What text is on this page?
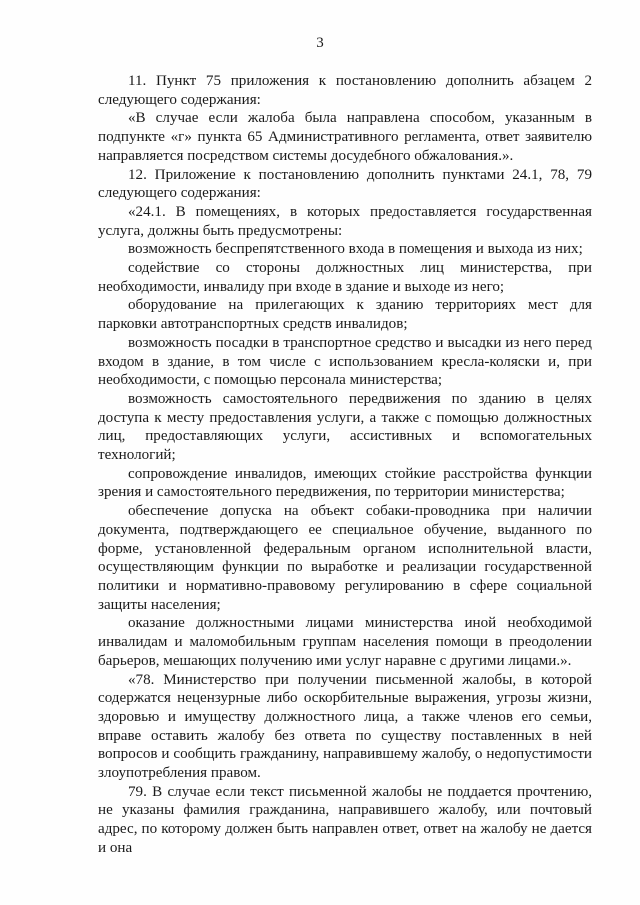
3

11. Пункт 75 приложения к постановлению дополнить абзацем 2 следующего содержания:

«В случае если жалоба была направлена способом, указанным в подпункте «г» пункта 65 Административного регламента, ответ заявителю направляется посредством системы досудебного обжалования.».

12. Приложение к постановлению дополнить пунктами 24.1, 78, 79 следующего содержания:

«24.1. В помещениях, в которых предоставляется государственная услуга, должны быть предусмотрены:

возможность беспрепятственного входа в помещения и выхода из них;

содействие со стороны должностных лиц министерства, при необходимости, инвалиду при входе в здание и выходе из него;

оборудование на прилегающих к зданию территориях мест для парковки автотранспортных средств инвалидов;

возможность посадки в транспортное средство и высадки из него перед входом в здание, в том числе с использованием кресла-коляски и, при необходимости, с помощью персонала министерства;

возможность самостоятельного передвижения по зданию в целях доступа к месту предоставления услуги, а также с помощью должностных лиц, предоставляющих услуги, ассистивных и вспомогательных технологий;

сопровождение инвалидов, имеющих стойкие расстройства функции зрения и самостоятельного передвижения, по территории министерства;

обеспечение допуска на объект собаки-проводника при наличии документа, подтверждающего ее специальное обучение, выданного по форме, установленной федеральным органом исполнительной власти, осуществляющим функции по выработке и реализации государственной политики и нормативно-правовому регулированию в сфере социальной защиты населения;

оказание должностными лицами министерства иной необходимой инвалидам и маломобильным группам населения помощи в преодолении барьеров, мешающих получению ими услуг наравне с другими лицами.».

«78. Министерство при получении письменной жалобы, в которой содержатся нецензурные либо оскорбительные выражения, угрозы жизни, здоровью и имуществу должностного лица, а также членов его семьи, вправе оставить жалобу без ответа по существу поставленных в ней вопросов и сообщить гражданину, направившему жалобу, о недопустимости злоупотребления правом.

79. В случае если текст письменной жалобы не поддается прочтению, не указаны фамилия гражданина, направившего жалобу, или почтовый адрес, по которому должен быть направлен ответ, ответ на жалобу не дается и она
